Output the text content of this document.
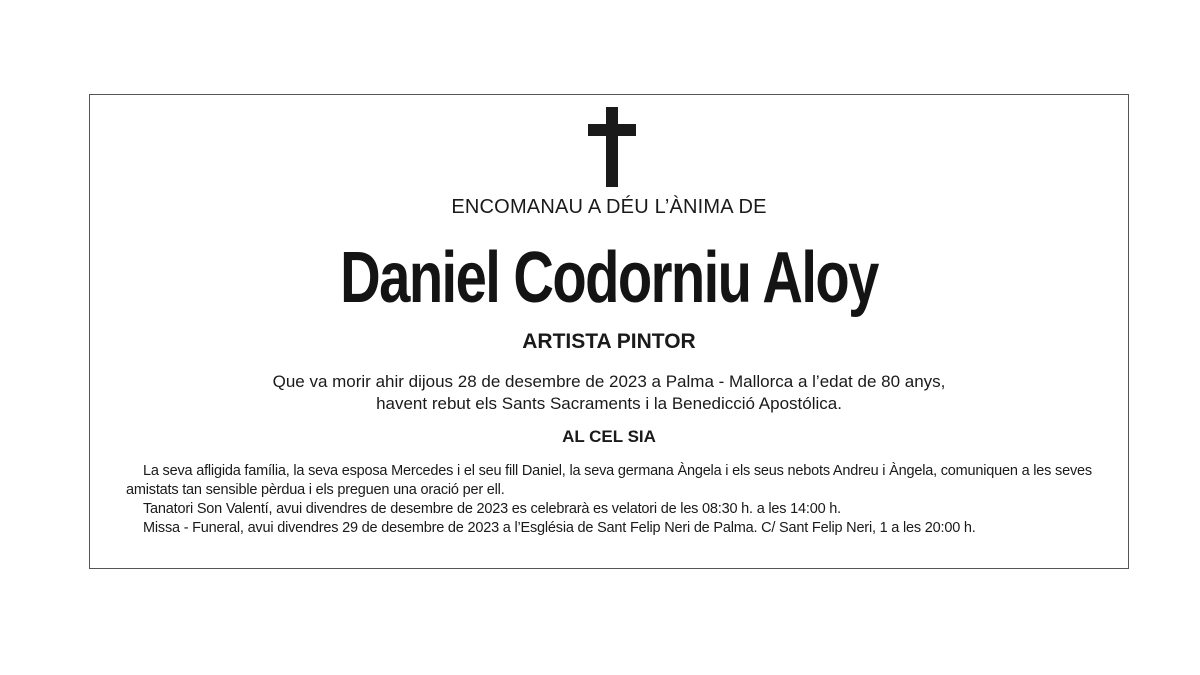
ENCOMANAU A DÉU L’ÀNIMA DE
Daniel Codorniu Aloy
ARTISTA PINTOR
Que va morir ahir dijous 28 de desembre de 2023 a Palma - Mallorca a l’edat de 80 anys,
havent rebut els Sants Sacraments i la Benedicció Apostólica.
AL CEL SIA

La seva afligida família, la seva esposa Mercedes i el seu fill Daniel, la seva germana Àngela i els seus nebots Andreu i Àngela, comuniquen a les seves amistats tan sensible pèrdua i els preguen una oració per ell.

Tanatori Son Valentí, avui divendres de desembre de 2023 es celebrarà es velatori de les 08:30 h. a les 14:00 h.

Missa - Funeral, avui divendres 29 de desembre de 2023 a l’Església de Sant Felip Neri de Palma. C/ Sant Felip Neri, 1 a les 20:00 h.
